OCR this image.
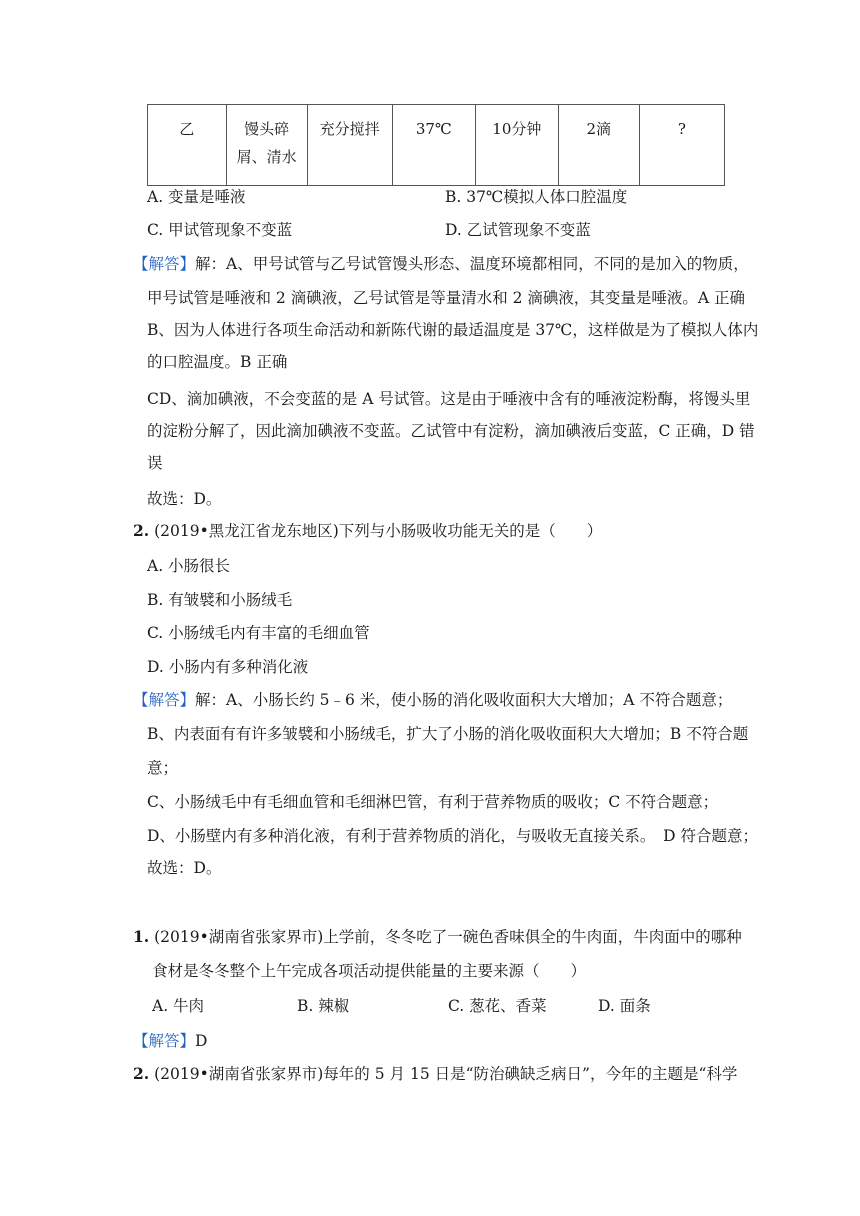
乙	馒头碎屑、清水	充分搅拌	37℃	10分钟	2滴	?
A. 变量是唾液	B. 37℃模拟人体口腔温度
C. 甲试管现象不变蓝	D. 乙试管现象不变蓝
【解答】解：A、甲号试管与乙号试管馒头形态、温度环境都相同，不同的是加入的物质，
甲号试管是唾液和 2 滴碘液，乙号试管是等量清水和 2 滴碘液，其变量是唾液。A 正确
B、因为人体进行各项生命活动和新陈代谢的最适温度是 37℃，这样做是为了模拟人体内
的口腔温度。B 正确
CD、滴加碘液，不会变蓝的是 A 号试管。这是由于唾液中含有的唾液淀粉酶，将馒头里
的淀粉分解了，因此滴加碘液不变蓝。乙试管中有淀粉，滴加碘液后变蓝，C 正确，D 错
误
故选：D。
2. (2019•黑龙江省龙东地区)下列与小肠吸收功能无关的是（　　）
A. 小肠很长
B. 有皱襞和小肠绒毛
C. 小肠绒毛内有丰富的毛细血管
D. 小肠内有多种消化液
【解答】解：A、小肠长约 5﹣6 米，使小肠的消化吸收面积大大增加；A 不符合题意；
B、内表面有有许多皱襞和小肠绒毛，扩大了小肠的消化吸收面积大大增加；B 不符合题
意；
C、小肠绒毛中有毛细血管和毛细淋巴管，有利于营养物质的吸收；C 不符合题意；
D、小肠壁内有多种消化液，有利于营养物质的消化，与吸收无直接关系。　D 符合题意；
故选：D。
1. (2019•湖南省张家界市)上学前，冬冬吃了一碗色香味俱全的牛肉面，牛肉面中的哪种
食材是冬冬整个上午完成各项活动提供能量的主要来源（　　）
A. 牛肉	B. 辣椒	C. 葱花、香菜	D. 面条
【解答】D
2. (2019•湖南省张家界市)每年的 5 月 15 日是“防治碘缺乏病日”，今年的主题是“科学
